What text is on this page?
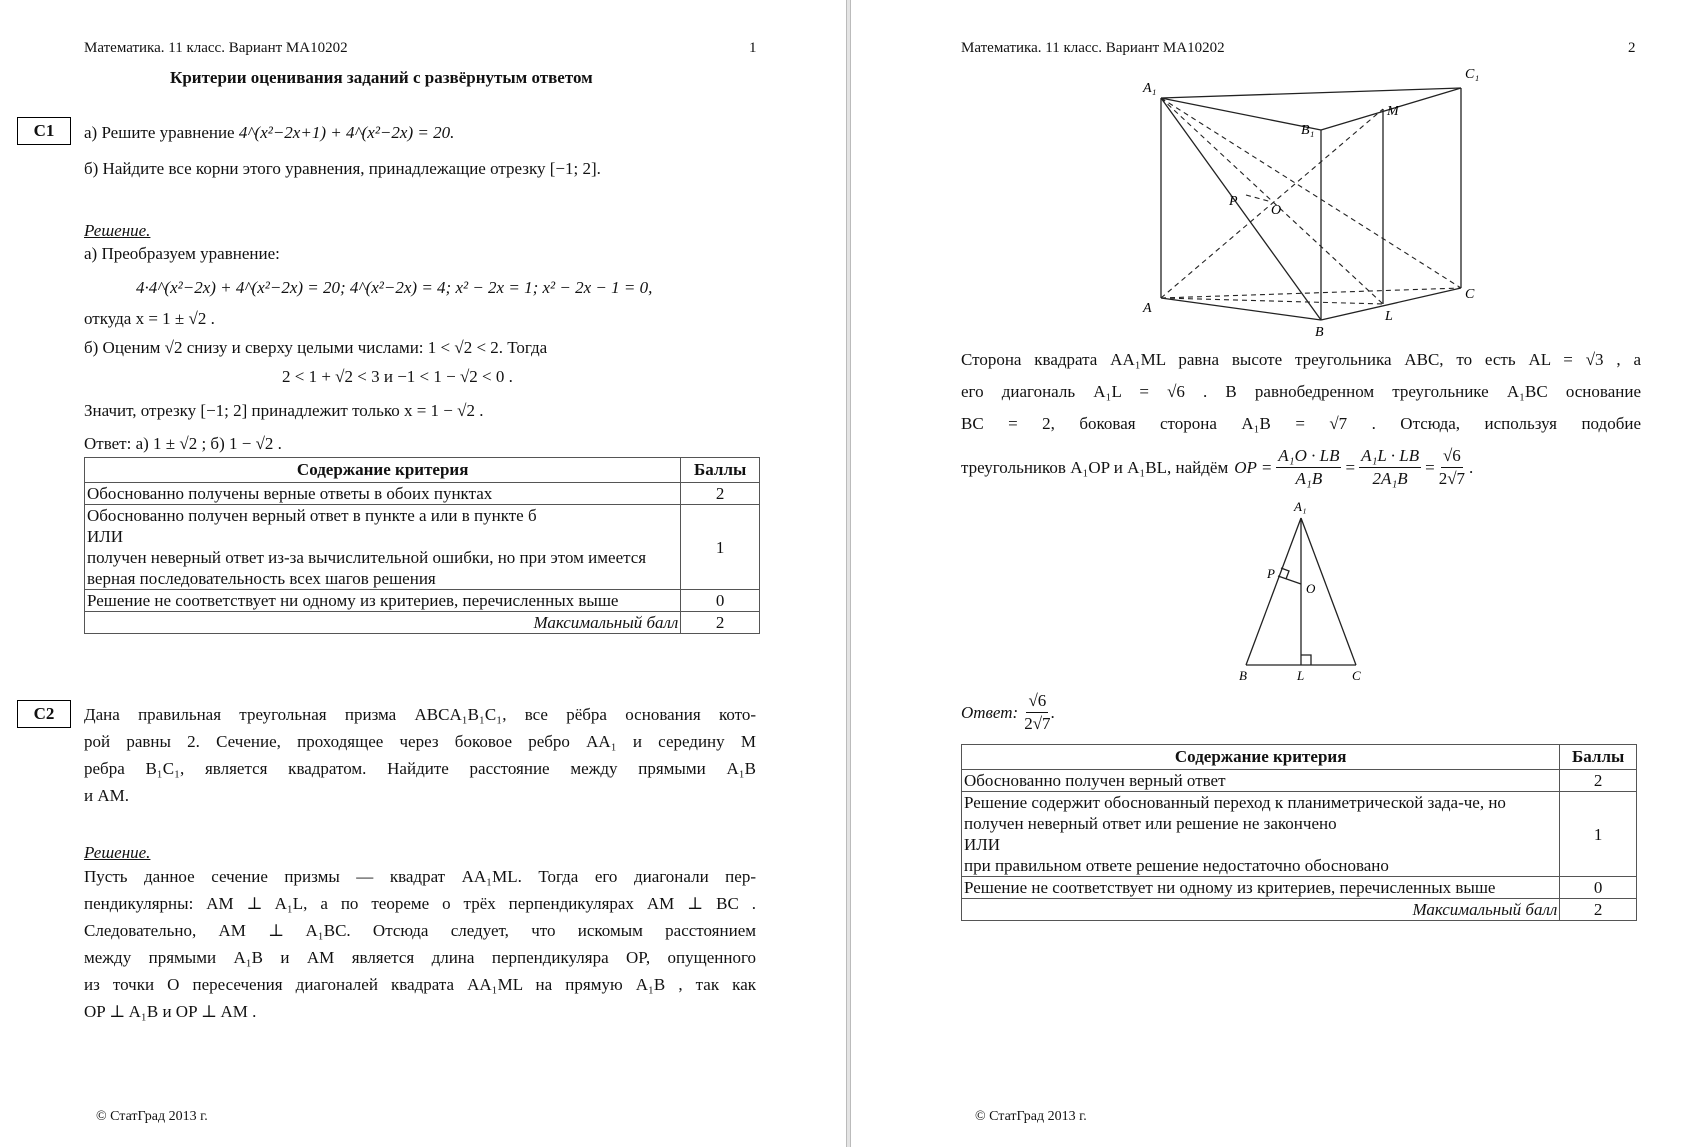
Математика. 11 класс. Вариант МА10202	1
Критерии оценивания заданий с развёрнутым ответом
С1	а) Решите уравнение 4^(x²−2x+1) + 4^(x²−2x) = 20.
б) Найдите все корни этого уравнения, принадлежащие отрезку [−1; 2].
Решение.
а) Преобразуем уравнение:
4·4^(x²−2x) + 4^(x²−2x) = 20; 4^(x²−2x) = 4; x² − 2x = 1; x² − 2x − 1 = 0,
откуда x = 1 ± √2 .
б) Оценим √2 снизу и сверху целыми числами: 1 < √2 < 2. Тогда
2 < 1 + √2 < 3 и −1 < 1 − √2 < 0 .
Значит, отрезку [−1; 2] принадлежит только x = 1 − √2 .
Ответ: а) 1 ± √2 ; б) 1 − √2 .
Содержание критерия	Баллы
Обоснованно получены верные ответы в обоих пунктах	2

Обоснованно получен верный ответ в пункте а или в пункте б
ИЛИ
получен неверный ответ из-за вычислительной ошибки, но при этом имеется верная последовательность всех шагов решения	1
Решение не соответствует ни одному из критериев, перечисленных выше	0
Максимальный балл	2
С2	Дана правильная треугольная призма ABCA₁B₁C₁, все рёбра основания кото-
рой равны 2. Сечение, проходящее через боковое ребро AA₁ и середину M
ребра B₁C₁, является квадратом. Найдите расстояние между прямыми A₁B
и AM.
Решение.
Пусть данное сечение призмы — квадрат AA₁ML. Тогда его диагонали пер-
пендикулярны: AM ⊥ A₁L, а по теореме о трёх перпендикулярах AM ⊥ BC .
Следовательно, AM ⊥ A₁BC. Отсюда следует, что искомым расстоянием
между прямыми A₁B и AM является длина перпендикуляра OP, опущенного
из точки O пересечения диагоналей квадрата AA₁ML на прямую A₁B , так как
OP ⊥ A₁B и OP ⊥ AM .
© СтатГрад 2013 г.
Математика. 11 класс. Вариант МА10202	2
A₁
C₁
B₁
M
P
O
A
B
C
L
Сторона квадрата AA₁ML равна высоте треугольника ABC, то есть AL = √3 , а
его диагональ A₁L = √6 . В равнобедренном треугольнике A₁BC основание
BC = 2, боковая сторона A₁B = √7 . Отсюда, используя подобие
треугольников A₁OP и A₁BL, найдём OP = $\frac{\text{A₁O · LB}}{\text{A₁B}} = \frac{\text{A₁L · LB}}{\text{2A₁B}} = \frac{√6}{2√7}$ .
A₁
P
O
B	L	C
Ответ: $\frac{√6}{2√7}$ .
Содержание критерия	Баллы
Обоснованно получен верный ответ	2

Решение содержит обоснованный переход к планиметрической зада-че, но получен неверный ответ или решение не закончено
ИЛИ
при правильном ответе решение недостаточно обосновано	1
Решение не соответствует ни одному из критериев, перечисленных выше	0
Максимальный балл	2
© СтатГрад 2013 г.
